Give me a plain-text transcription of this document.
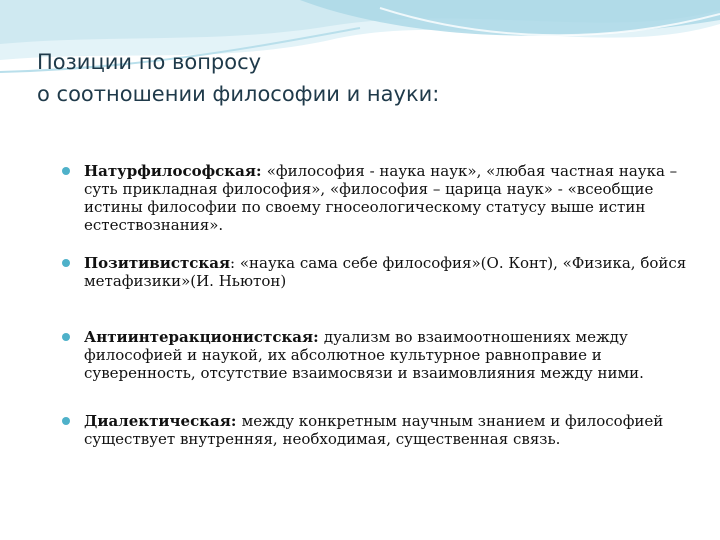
Позиции по вопросу
о соотношении философии и науки:
Натурфилософская: «философия - наука наук», «любая частная наука – суть прикладная философия», «философия – царица наук» - «всеобщие истины философии по своему гносеологическому статусу выше истин естествознания».
Позитивистская: «наука сама себе философия»(О. Конт), «Физика, бойся метафизики»(И. Ньютон)
Антиинтеракционистская: дуализм во взаимоотношениях между философией и наукой, их абсолютное культурное равноправие и суверенность, отсутствие взаимосвязи и взаимовлияния между ними.
Диалектическая: между конкретным научным знанием и философией существует внутренняя, необходимая, существенная связь.
